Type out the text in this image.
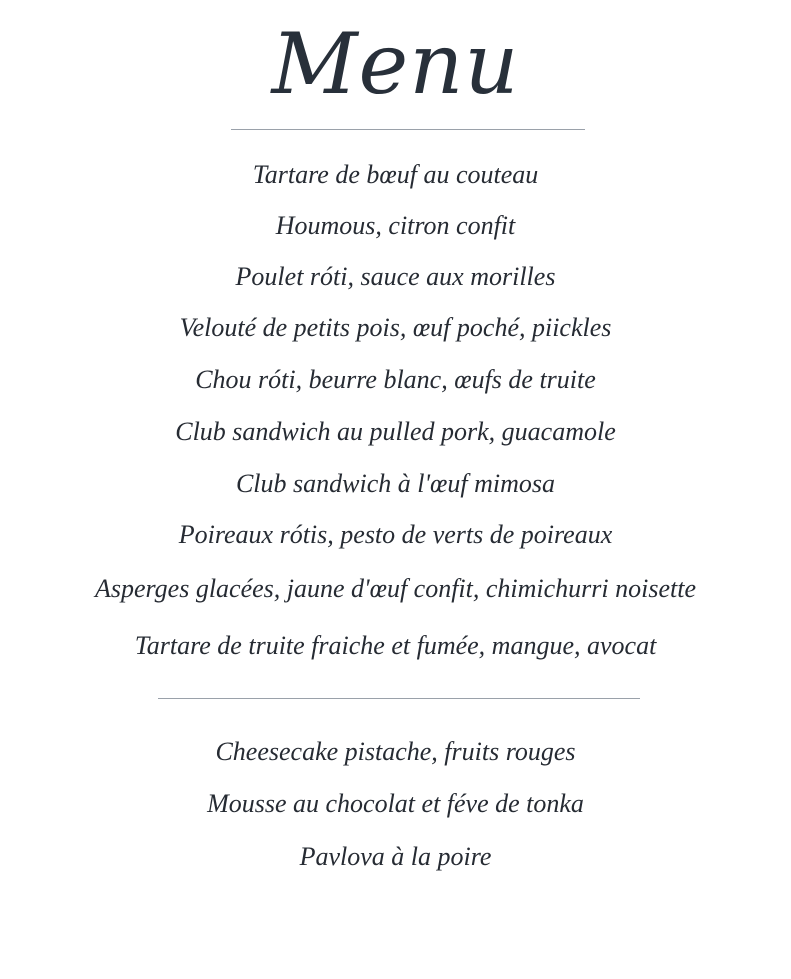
Menu
Tartare de bœuf au couteau
Houmous, citron confit
Poulet róti, sauce aux morilles
Velouté de petits pois, œuf poché, piickles
Chou róti, beurre blanc, œufs de truite
Club sandwich au pulled pork, guacamole
Club sandwich à l'œuf mimosa
Poireaux rótis, pesto de verts de poireaux
Asperges glacées, jaune d'œuf confit, chimichurri noisette
Tartare de truite fraiche et fumée, mangue, avocat
Cheesecake pistache, fruits rouges
Mousse au chocolat et féve de tonka
Pavlova à la poire
